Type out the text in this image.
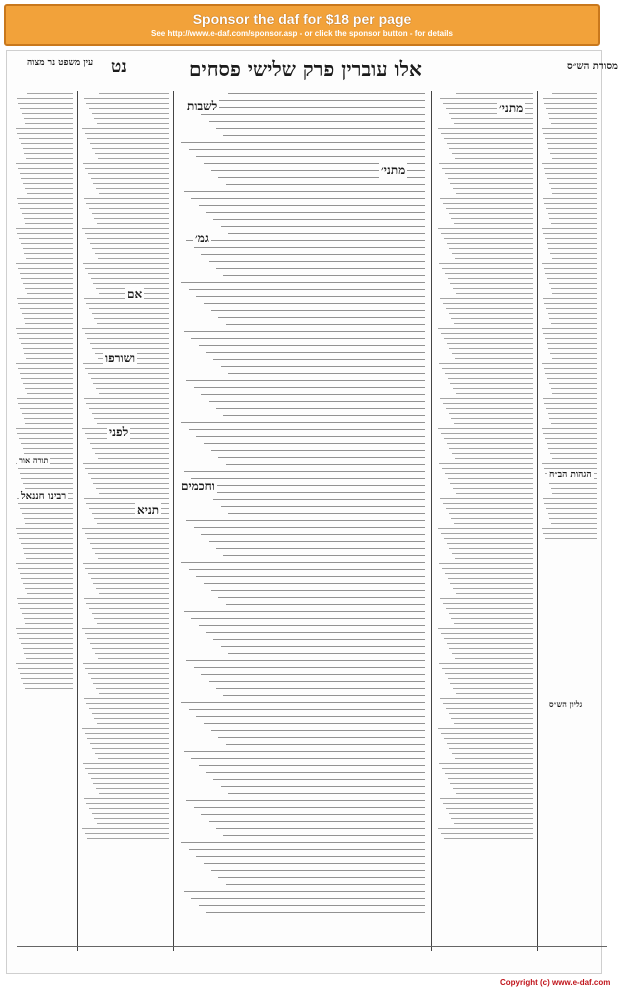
Sponsor the daf for $18 per page
See http://www.e-daf.com/sponsor.asp - or click the sponsor button - for details
עין משפט נר מצוה נט	אלו עוברין פרק שלישי פסחים	מסורת הש״ס
מתני׳
לשבות
גמ׳
מתני׳
אם
ושורפו
לפני
וחכמים
תניא
רבינו חננאל
הגהות הב״ח
גליון הש״ס
תורה אור
Copyright (c) www.e-daf.com
